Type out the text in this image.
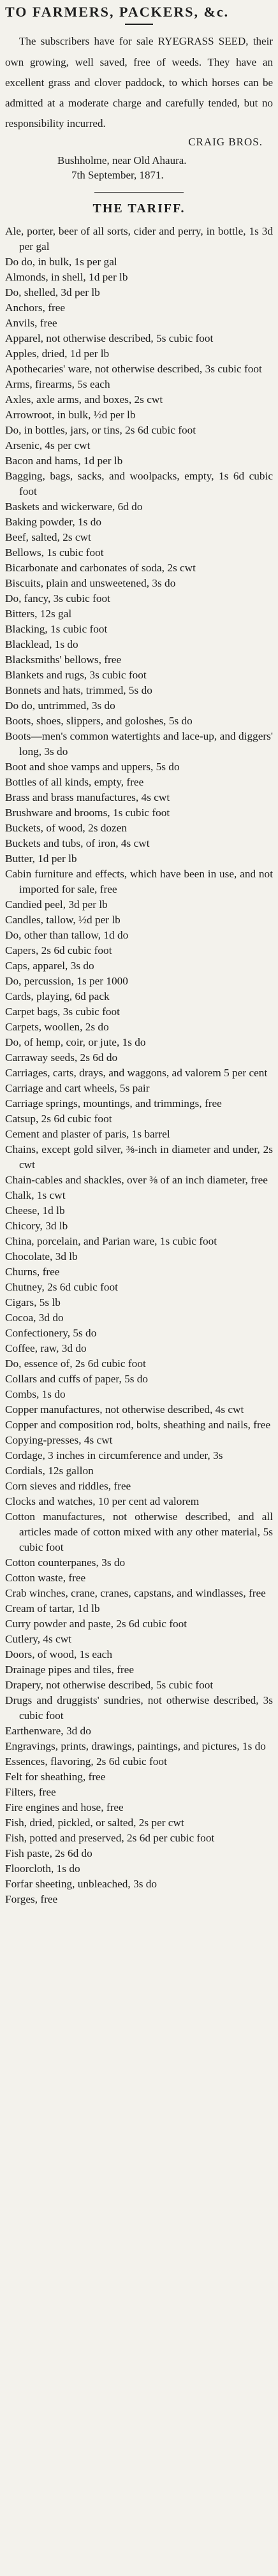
TO FARMERS, PACKERS, &c.

The subscribers have for sale RYEGRASS SEED, their own growing, well saved, free of weeds. They have an excellent grass and clover paddock, to which horses can be admitted at a moderate charge and carefully tended, but no responsibility incurred.

CRAIG BROS.
Bushholme, near Old Ahaura.
7th September, 1871.
THE TARIFF.
Ale, porter, beer of all sorts, cider and perry, in bottle, 1s 3d per gal
Do do, in bulk, 1s per gal
Almonds, in shell, 1d per lb
Do, shelled, 3d per lb
Anchors, free
Anvils, free
Apparel, not otherwise described, 5s cubic foot
Apples, dried, 1d per lb
Apothecaries' ware, not otherwise described, 3s cubic foot
Arms, firearms, 5s each
Axles, axle arms, and boxes, 2s cwt
Arrowroot, in bulk, ½d per lb
Do, in bottles, jars, or tins, 2s 6d cubic foot
Arsenic, 4s per cwt
Bacon and hams, 1d per lb
Bagging, bags, sacks, and woolpacks, empty, 1s 6d cubic foot
Baskets and wickerware, 6d do
Baking powder, 1s do
Beef, salted, 2s cwt
Bellows, 1s cubic foot
Bicarbonate and carbonates of soda, 2s cwt
Biscuits, plain and unsweetened, 3s do
Do, fancy, 3s cubic foot
Bitters, 12s gal
Blacking, 1s cubic foot
Blacklead, 1s do
Blacksmiths' bellows, free
Blankets and rugs, 3s cubic foot
Bonnets and hats, trimmed, 5s do
Do do, untrimmed, 3s do
Boots, shoes, slippers, and goloshes, 5s do
Boots—men's common watertights and lace-up, and diggers' long, 3s do
Boot and shoe vamps and uppers, 5s do
Bottles of all kinds, empty, free
Brass and brass manufactures, 4s cwt
Brushware and brooms, 1s cubic foot
Buckets, of wood, 2s dozen
Buckets and tubs, of iron, 4s cwt
Butter, 1d per lb
Cabin furniture and effects, which have been in use, and not imported for sale, free
Candied peel, 3d per lb
Candles, tallow, ½d per lb
Do, other than tallow, 1d do
Capers, 2s 6d cubic foot
Caps, apparel, 3s do
Do, percussion, 1s per 1000
Cards, playing, 6d pack
Carpet bags, 3s cubic foot
Carpets, woollen, 2s do
Do, of hemp, coir, or jute, 1s do
Carraway seeds, 2s 6d do
Carriages, carts, drays, and waggons, ad valorem 5 per cent
Carriage and cart wheels, 5s pair
Carriage springs, mountings, and trimmings, free
Catsup, 2s 6d cubic foot
Cement and plaster of paris, 1s barrel
Chains, except gold silver, ⅜-inch in diameter and under, 2s cwt
Chain-cables and shackles, over ⅜ of an inch diameter, free
Chalk, 1s cwt
Cheese, 1d lb
Chicory, 3d lb
China, porcelain, and Parian ware, 1s cubic foot
Chocolate, 3d lb
Churns, free
Chutney, 2s 6d cubic foot
Cigars, 5s lb
Cocoa, 3d do
Confectionery, 5s do
Coffee, raw, 3d do
Do, essence of, 2s 6d cubic foot
Collars and cuffs of paper, 5s do
Combs, 1s do
Copper manufactures, not otherwise described, 4s cwt
Copper and composition rod, bolts, sheathing and nails, free
Copying-presses, 4s cwt
Cordage, 3 inches in circumference and under, 3s
Cordials, 12s gallon
Corn sieves and riddles, free
Clocks and watches, 10 per cent ad valorem
Cotton manufactures, not otherwise described, and all articles made of cotton mixed with any other material, 5s cubic foot
Cotton counterpanes, 3s do
Cotton waste, free
Crab winches, crane, cranes, capstans, and windlasses, free
Cream of tartar, 1d lb
Curry powder and paste, 2s 6d cubic foot
Cutlery, 4s cwt
Doors, of wood, 1s each
Drainage pipes and tiles, free
Drapery, not otherwise described, 5s cubic foot
Drugs and druggists' sundries, not otherwise described, 3s cubic foot
Earthenware, 3d do
Engravings, prints, drawings, paintings, and pictures, 1s do
Essences, flavoring, 2s 6d cubic foot
Felt for sheathing, free
Filters, free
Fire engines and hose, free
Fish, dried, pickled, or salted, 2s per cwt
Fish, potted and preserved, 2s 6d per cubic foot
Fish paste, 2s 6d do
Floorcloth, 1s do
Forfar sheeting, unbleached, 3s do
Forges, free
